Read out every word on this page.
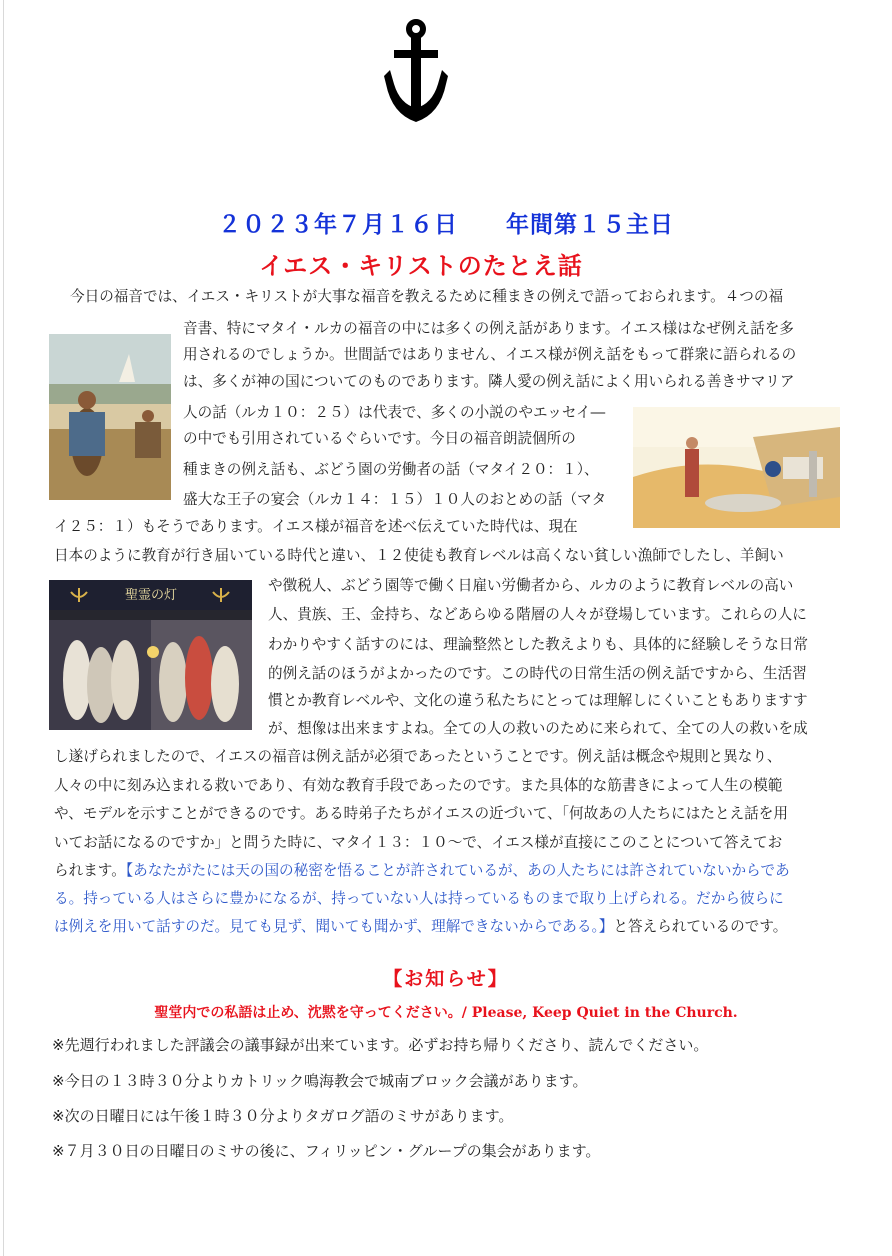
２０２３年７月１６日　　年間第１５主日
イエス・キリストのたとえ話
聖霊の灯
今日の福音では、イエス・キリストが大事な福音を教えるために種まきの例えで語っておられます。４つの福
音書、特にマタイ・ルカの福音の中には多くの例え話があります。イエス様はなぜ例え話を多
用されるのでしょうか。世間話ではありません、イエス様が例え話をもって群衆に語られるの
は、多くが神の国についてのものであります。隣人愛の例え話によく用いられる善きサマリア
人の話（ルカ１０：２５）は代表で、多くの小説のやエッセイ―
の中でも引用されているぐらいです。今日の福音朗読個所の
種まきの例え話も、ぶどう園の労働者の話（マタイ２０：１）、
盛大な王子の宴会（ルカ１４：１５）１０人のおとめの話（マタ
イ２５：１）もそうであります。イエス様が福音を述べ伝えていた時代は、現在
日本のように教育が行き届いている時代と違い、１２使徒も教育レベルは高くない貧しい漁師でしたし、羊飼い
や徴税人、ぶどう園等で働く日雇い労働者から、ルカのように教育レベルの高い
人、貴族、王、金持ち、などあらゆる階層の人々が登場しています。これらの人に
わかりやすく話すのには、理論整然とした教えよりも、具体的に経験しそうな日常
的例え話のほうがよかったのです。この時代の日常生活の例え話ですから、生活習
慣とか教育レベルや、文化の違う私たちにとっては理解しにくいこともありますす
が、想像は出来ますよね。全ての人の救いのために来られて、全ての人の救いを成
し遂げられましたので、イエスの福音は例え話が必須であったということです。例え話は概念や規則と異なり、
人々の中に刻み込まれる救いであり、有効な教育手段であったのです。また具体的な筋書きによって人生の模範
や、モデルを示すことができるのです。ある時弟子たちがイエスの近づいて、「何故あの人たちにはたとえ話を用
いてお話になるのですか」と問うた時に、マタイ１３：１０～で、イエス様が直接にこのことについて答えてお
られます。【あなたがたには天の国の秘密を悟ることが許されているが、あの人たちには許されていないからであ
る。持っている人はさらに豊かになるが、持っていない人は持っているものまで取り上げられる。だから彼らに
は例えを用いて話すのだ。見ても見ず、聞いても聞かず、理解できないからである。】と答えられているのです。
【お知らせ】
聖堂内での私語は止め、沈黙を守ってください。/ Please, Keep Quiet in the Church.
※先週行われました評議会の議事録が出来ています。必ずお持ち帰りくださり、読んでください。
※今日の１３時３０分よりカトリック鳴海教会で城南ブロック会議があります。
※次の日曜日には午後１時３０分よりタガログ語のミサがあります。
※７月３０日の日曜日のミサの後に、フィリッピン・グループの集会があります。
